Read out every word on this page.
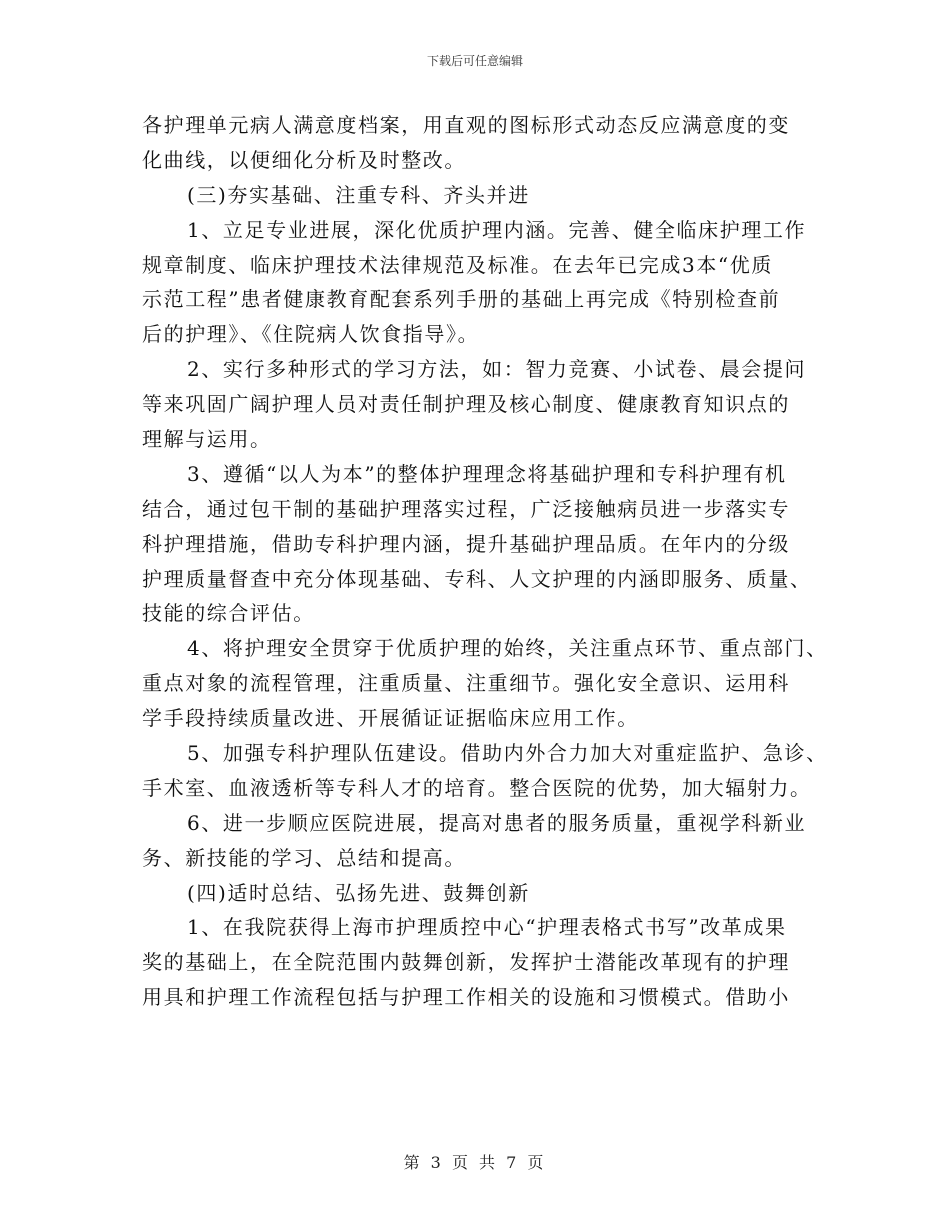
下载后可任意编辑
各护理单元病人满意度档案，用直观的图标形式动态反应满意度的变
化曲线，以便细化分析及时整改。
(三)夯实基础、注重专科、齐头并进
1、立足专业进展，深化优质护理内涵。完善、健全临床护理工作
规章制度、临床护理技术法律规范及标准。在去年已完成3本“优质
示范工程”患者健康教育配套系列手册的基础上再完成《特别检查前
后的护理》、《住院病人饮食指导》。
2、实行多种形式的学习方法，如：智力竞赛、小试卷、晨会提问
等来巩固广阔护理人员对责任制护理及核心制度、健康教育知识点的
理解与运用。
3、遵循“以人为本”的整体护理理念将基础护理和专科护理有机
结合，通过包干制的基础护理落实过程，广泛接触病员进一步落实专
科护理措施，借助专科护理内涵，提升基础护理品质。在年内的分级
护理质量督查中充分体现基础、专科、人文护理的内涵即服务、质量、
技能的综合评估。
4、将护理安全贯穿于优质护理的始终，关注重点环节、重点部门、
重点对象的流程管理，注重质量、注重细节。强化安全意识、运用科
学手段持续质量改进、开展循证证据临床应用工作。
5、加强专科护理队伍建设。借助内外合力加大对重症监护、急诊、
手术室、血液透析等专科人才的培育。整合医院的优势，加大辐射力。
6、进一步顺应医院进展，提高对患者的服务质量，重视学科新业
务、新技能的学习、总结和提高。
(四)适时总结、弘扬先进、鼓舞创新
1、在我院获得上海市护理质控中心“护理表格式书写”改革成果
奖的基础上，在全院范围内鼓舞创新，发挥护士潜能改革现有的护理
用具和护理工作流程包括与护理工作相关的设施和习惯模式。借助小
第 3 页 共 7 页
